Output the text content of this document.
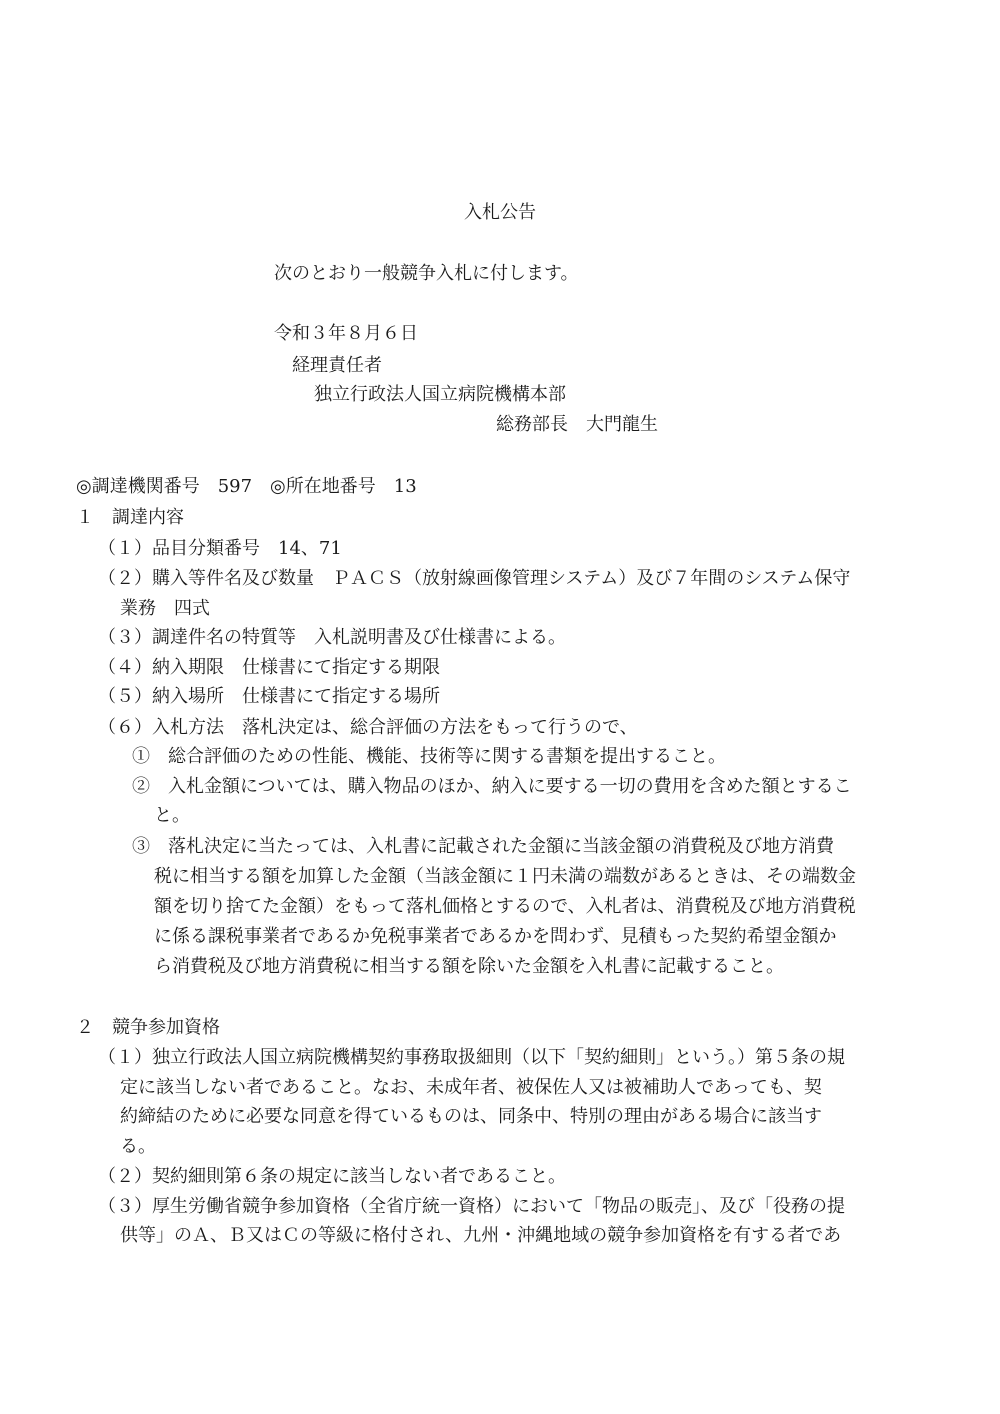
入札公告
次のとおり一般競争入札に付します。
令和３年８月６日
経理責任者
独立行政法人国立病院機構本部
総務部長　大門龍生
◎調達機関番号　597　◎所在地番号　13
１　調達内容
（１）品目分類番号　14、71
（２）購入等件名及び数量　ＰＡＣＳ（放射線画像管理システム）及び７年間のシステム保守
業務　四式
（３）調達件名の特質等　入札説明書及び仕様書による。
（４）納入期限　仕様書にて指定する期限
（５）納入場所　仕様書にて指定する場所
（６）入札方法　落札決定は、総合評価の方法をもって行うので、
①　総合評価のための性能、機能、技術等に関する書類を提出すること。
②　入札金額については、購入物品のほか、納入に要する一切の費用を含めた額とするこ
と。
③　落札決定に当たっては、入札書に記載された金額に当該金額の消費税及び地方消費
税に相当する額を加算した金額（当該金額に１円未満の端数があるときは、その端数金
額を切り捨てた金額）をもって落札価格とするので、入札者は、消費税及び地方消費税
に係る課税事業者であるか免税事業者であるかを問わず、見積もった契約希望金額か
ら消費税及び地方消費税に相当する額を除いた金額を入札書に記載すること。
２　競争参加資格
（１）独立行政法人国立病院機構契約事務取扱細則（以下「契約細則」という。）第５条の規
定に該当しない者であること。なお、未成年者、被保佐人又は被補助人であっても、契
約締結のために必要な同意を得ているものは、同条中、特別の理由がある場合に該当す
る。
（２）契約細則第６条の規定に該当しない者であること。
（３）厚生労働省競争参加資格（全省庁統一資格）において「物品の販売」、及び「役務の提
供等」のＡ、Ｂ又はＣの等級に格付され、九州・沖縄地域の競争参加資格を有する者であ
